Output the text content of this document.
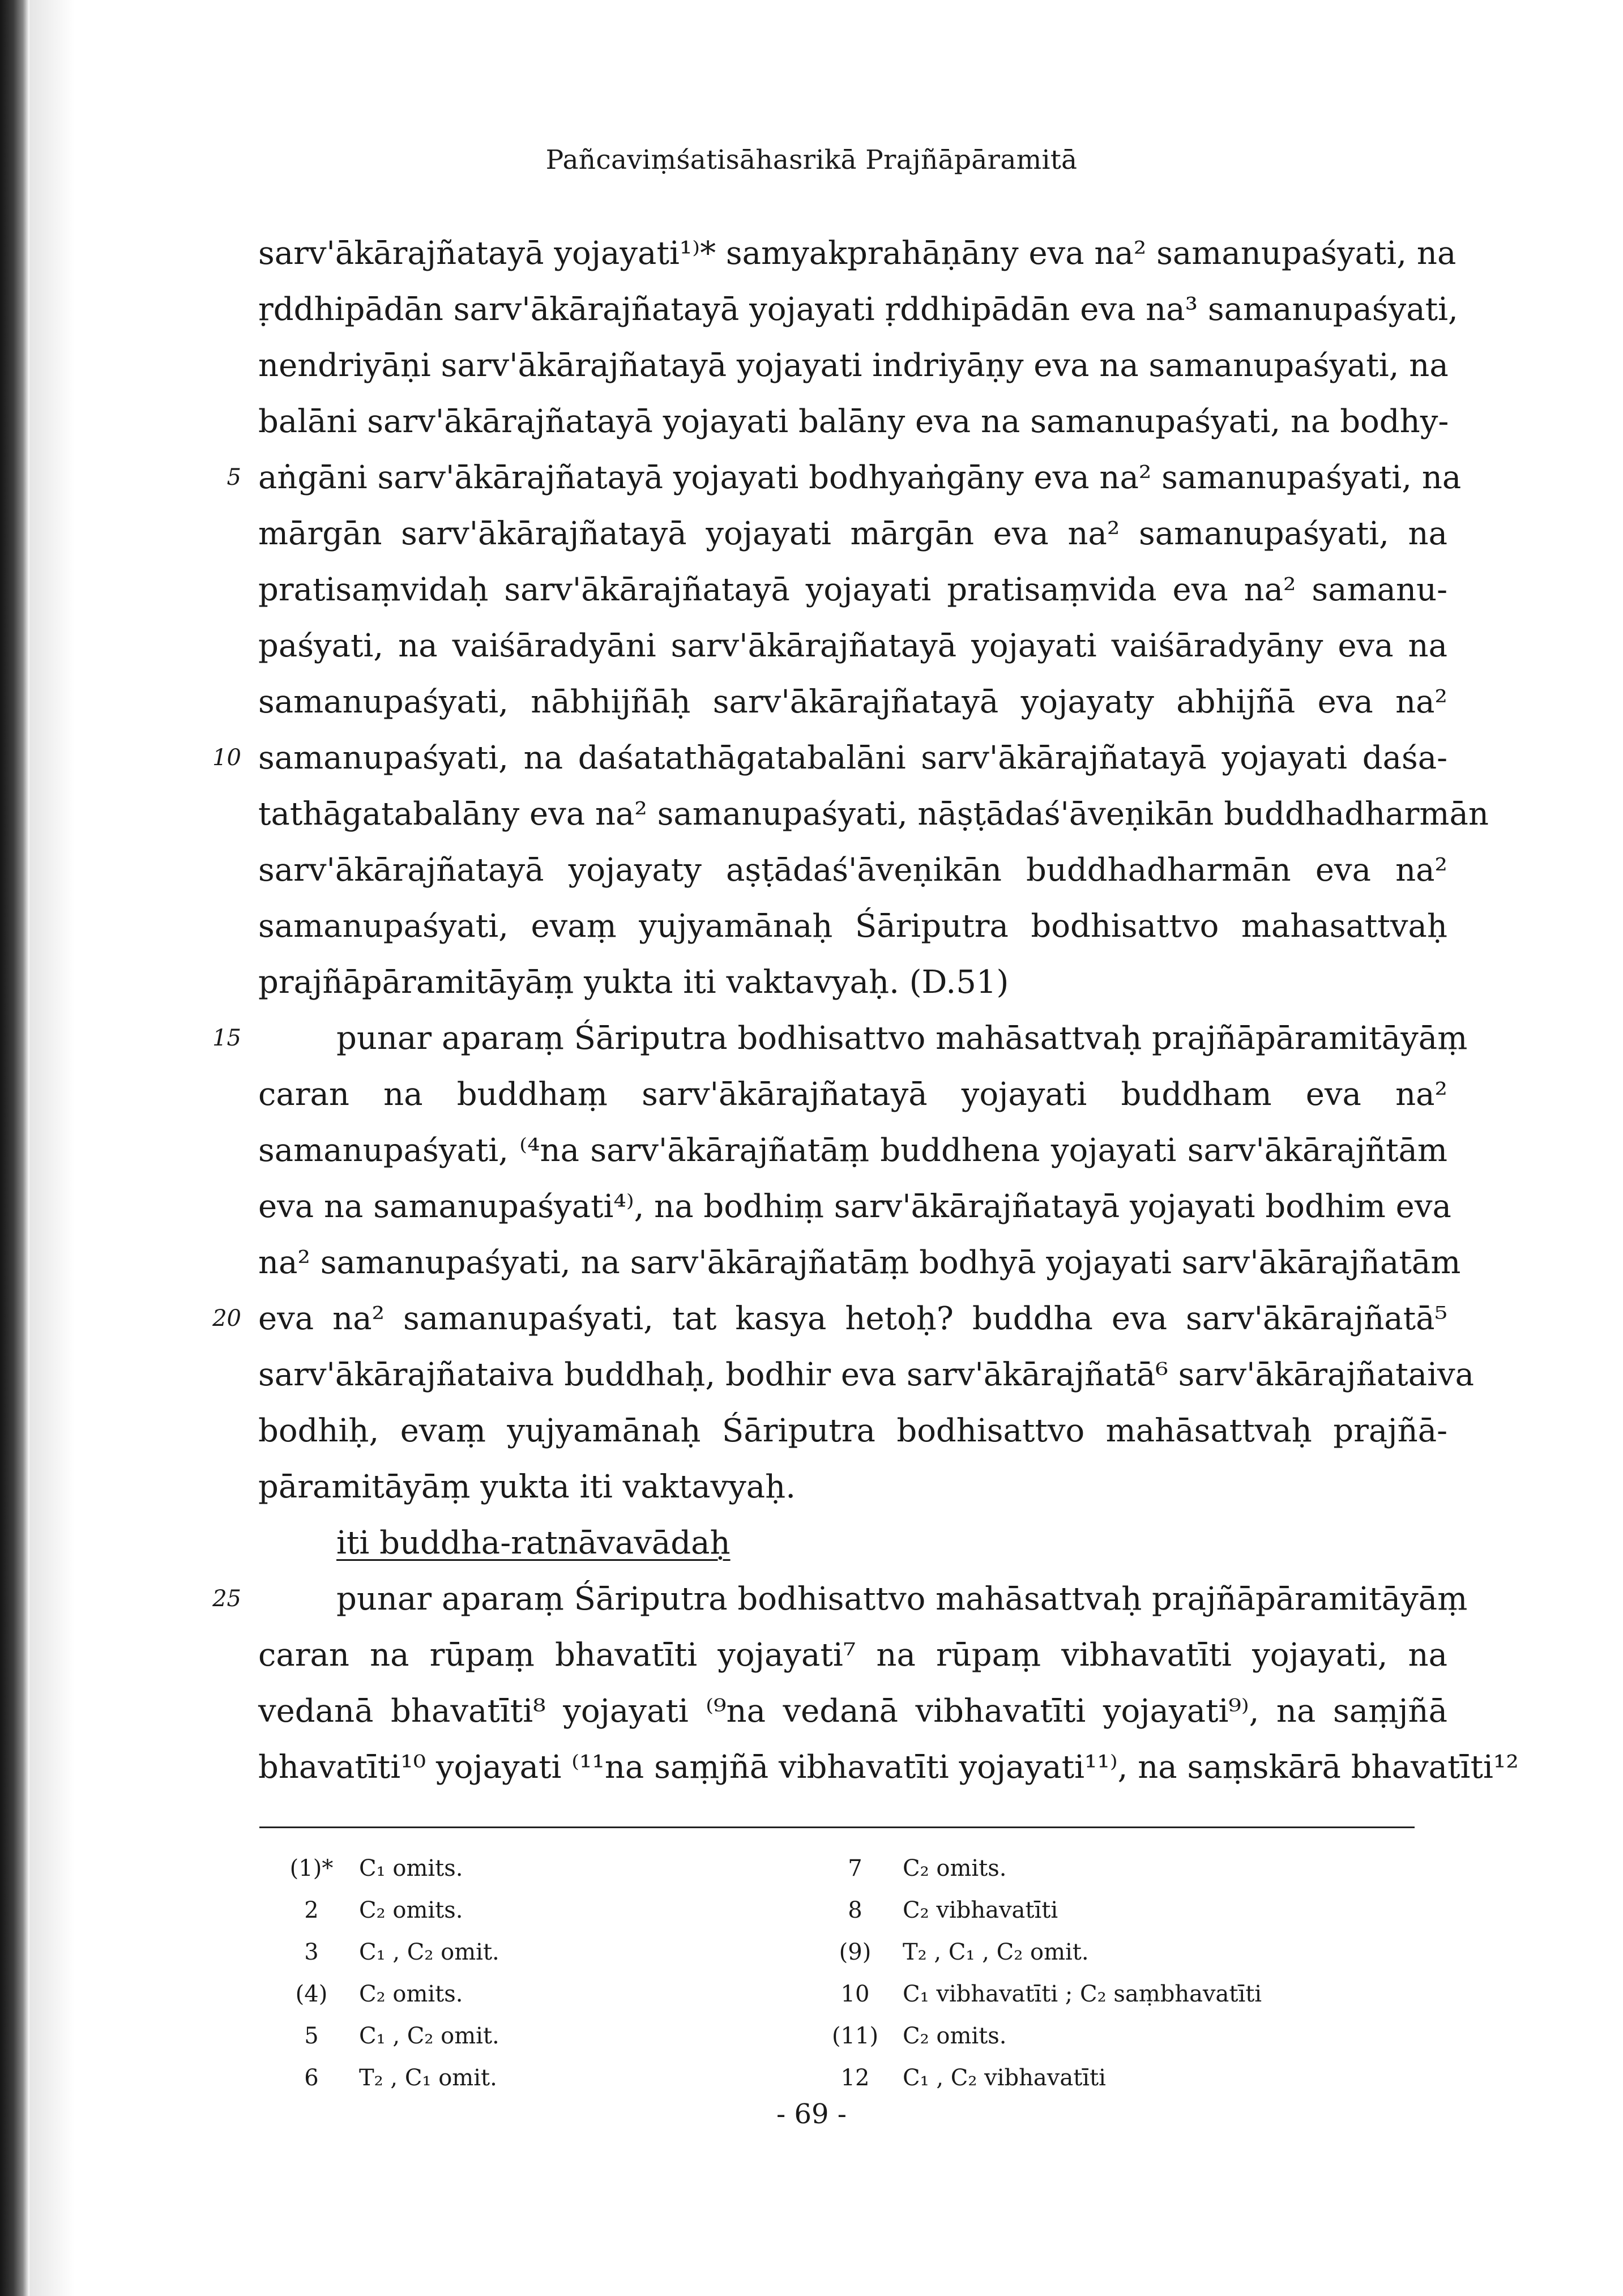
Pañcaviṃśatisāhasrikā Prajñāpāramitā
sarv'ākārajñatayā yojayati¹⁾* samyakprahāṇāny eva na² samanupaśyati, na
ṛddhipādān sarv'ākārajñatayā yojayati ṛddhipādān eva na³ samanupaśyati,
nendriyāṇi sarv'ākārajñatayā yojayati indriyāṇy eva na samanupaśyati, na
balāni sarv'ākārajñatayā yojayati balāny eva na samanupaśyati, na bodhy-
5 aṅgāni sarv'ākārajñatayā yojayati bodhyaṅgāny eva na² samanupaśyati, na
mārgān sarv'ākārajñatayā yojayati mārgān eva na² samanupaśyati, na
pratisaṃvidaḥ sarv'ākārajñatayā yojayati pratisaṃvida eva na² samanu-
paśyati, na vaiśāradyāni sarv'ākārajñatayā yojayati vaiśāradyāny eva na
samanupaśyati, nābhijñāḥ sarv'ākārajñatayā yojayaty abhijñā eva na²
10 samanupaśyati, na daśatathāgatabalāni sarv'ākārajñatayā yojayati daśa-
tathāgatabalāny eva na² samanupaśyati, nāṣṭādaś'āveṇikān buddhadharmān
sarv'ākārajñatayā yojayaty aṣṭādaś'āveṇikān buddhadharmān eva na²
samanupaśyati, evaṃ yujyamānaḥ Śāriputra bodhisattvo mahasattvaḥ
prajñāpāramitāyāṃ yukta iti vaktavyaḥ. (D.51)
15	punar aparaṃ Śāriputra bodhisattvo mahāsattvaḥ prajñāpāramitāyāṃ
caran na buddhaṃ sarv'ākārajñatayā yojayati buddham eva na²
samanupaśyati, ⁽⁴na sarv'ākārajñatāṃ buddhena yojayati sarv'ākārajñtām
eva na samanupaśyati⁴⁾, na bodhiṃ sarv'ākārajñatayā yojayati bodhim eva
na² samanupaśyati, na sarv'ākārajñatāṃ bodhyā yojayati sarv'ākārajñatām
20 eva na² samanupaśyati, tat kasya hetoḥ? buddha eva sarv'ākārajñatā⁵
sarv'ākārajñataiva buddhaḥ, bodhir eva sarv'ākārajñatā⁶ sarv'ākārajñataiva
bodhiḥ, evaṃ yujyamānaḥ Śāriputra bodhisattvo mahāsattvaḥ prajñā-
pāramitāyāṃ yukta iti vaktavyaḥ.
iti buddha-ratnāvavādaḥ
25	punar aparaṃ Śāriputra bodhisattvo mahāsattvaḥ prajñāpāramitāyāṃ
caran na rūpaṃ bhavatīti yojayati⁷ na rūpaṃ vibhavatīti yojayati, na
vedanā bhavatīti⁸ yojayati ⁽⁹na vedanā vibhavatīti yojayati⁹⁾, na saṃjñā
bhavatīti¹⁰ yojayati ⁽¹¹na saṃjñā vibhavatīti yojayati¹¹⁾, na saṃskārā bhavatīti¹²
(1)*	C₁ omits.
2	C₂ omits.
3	C₁ , C₂ omit.
(4)	C₂ omits.
5	C₁ , C₂ omit.
6	T₂ , C₁ omit.
7	C₂ omits.
8	C₂ vibhavatīti
(9)	T₂ , C₁ , C₂ omit.
10	C₁ vibhavatīti ; C₂ saṃbhavatīti
(11)	C₂ omits.
12	C₁ , C₂ vibhavatīti
- 69 -
